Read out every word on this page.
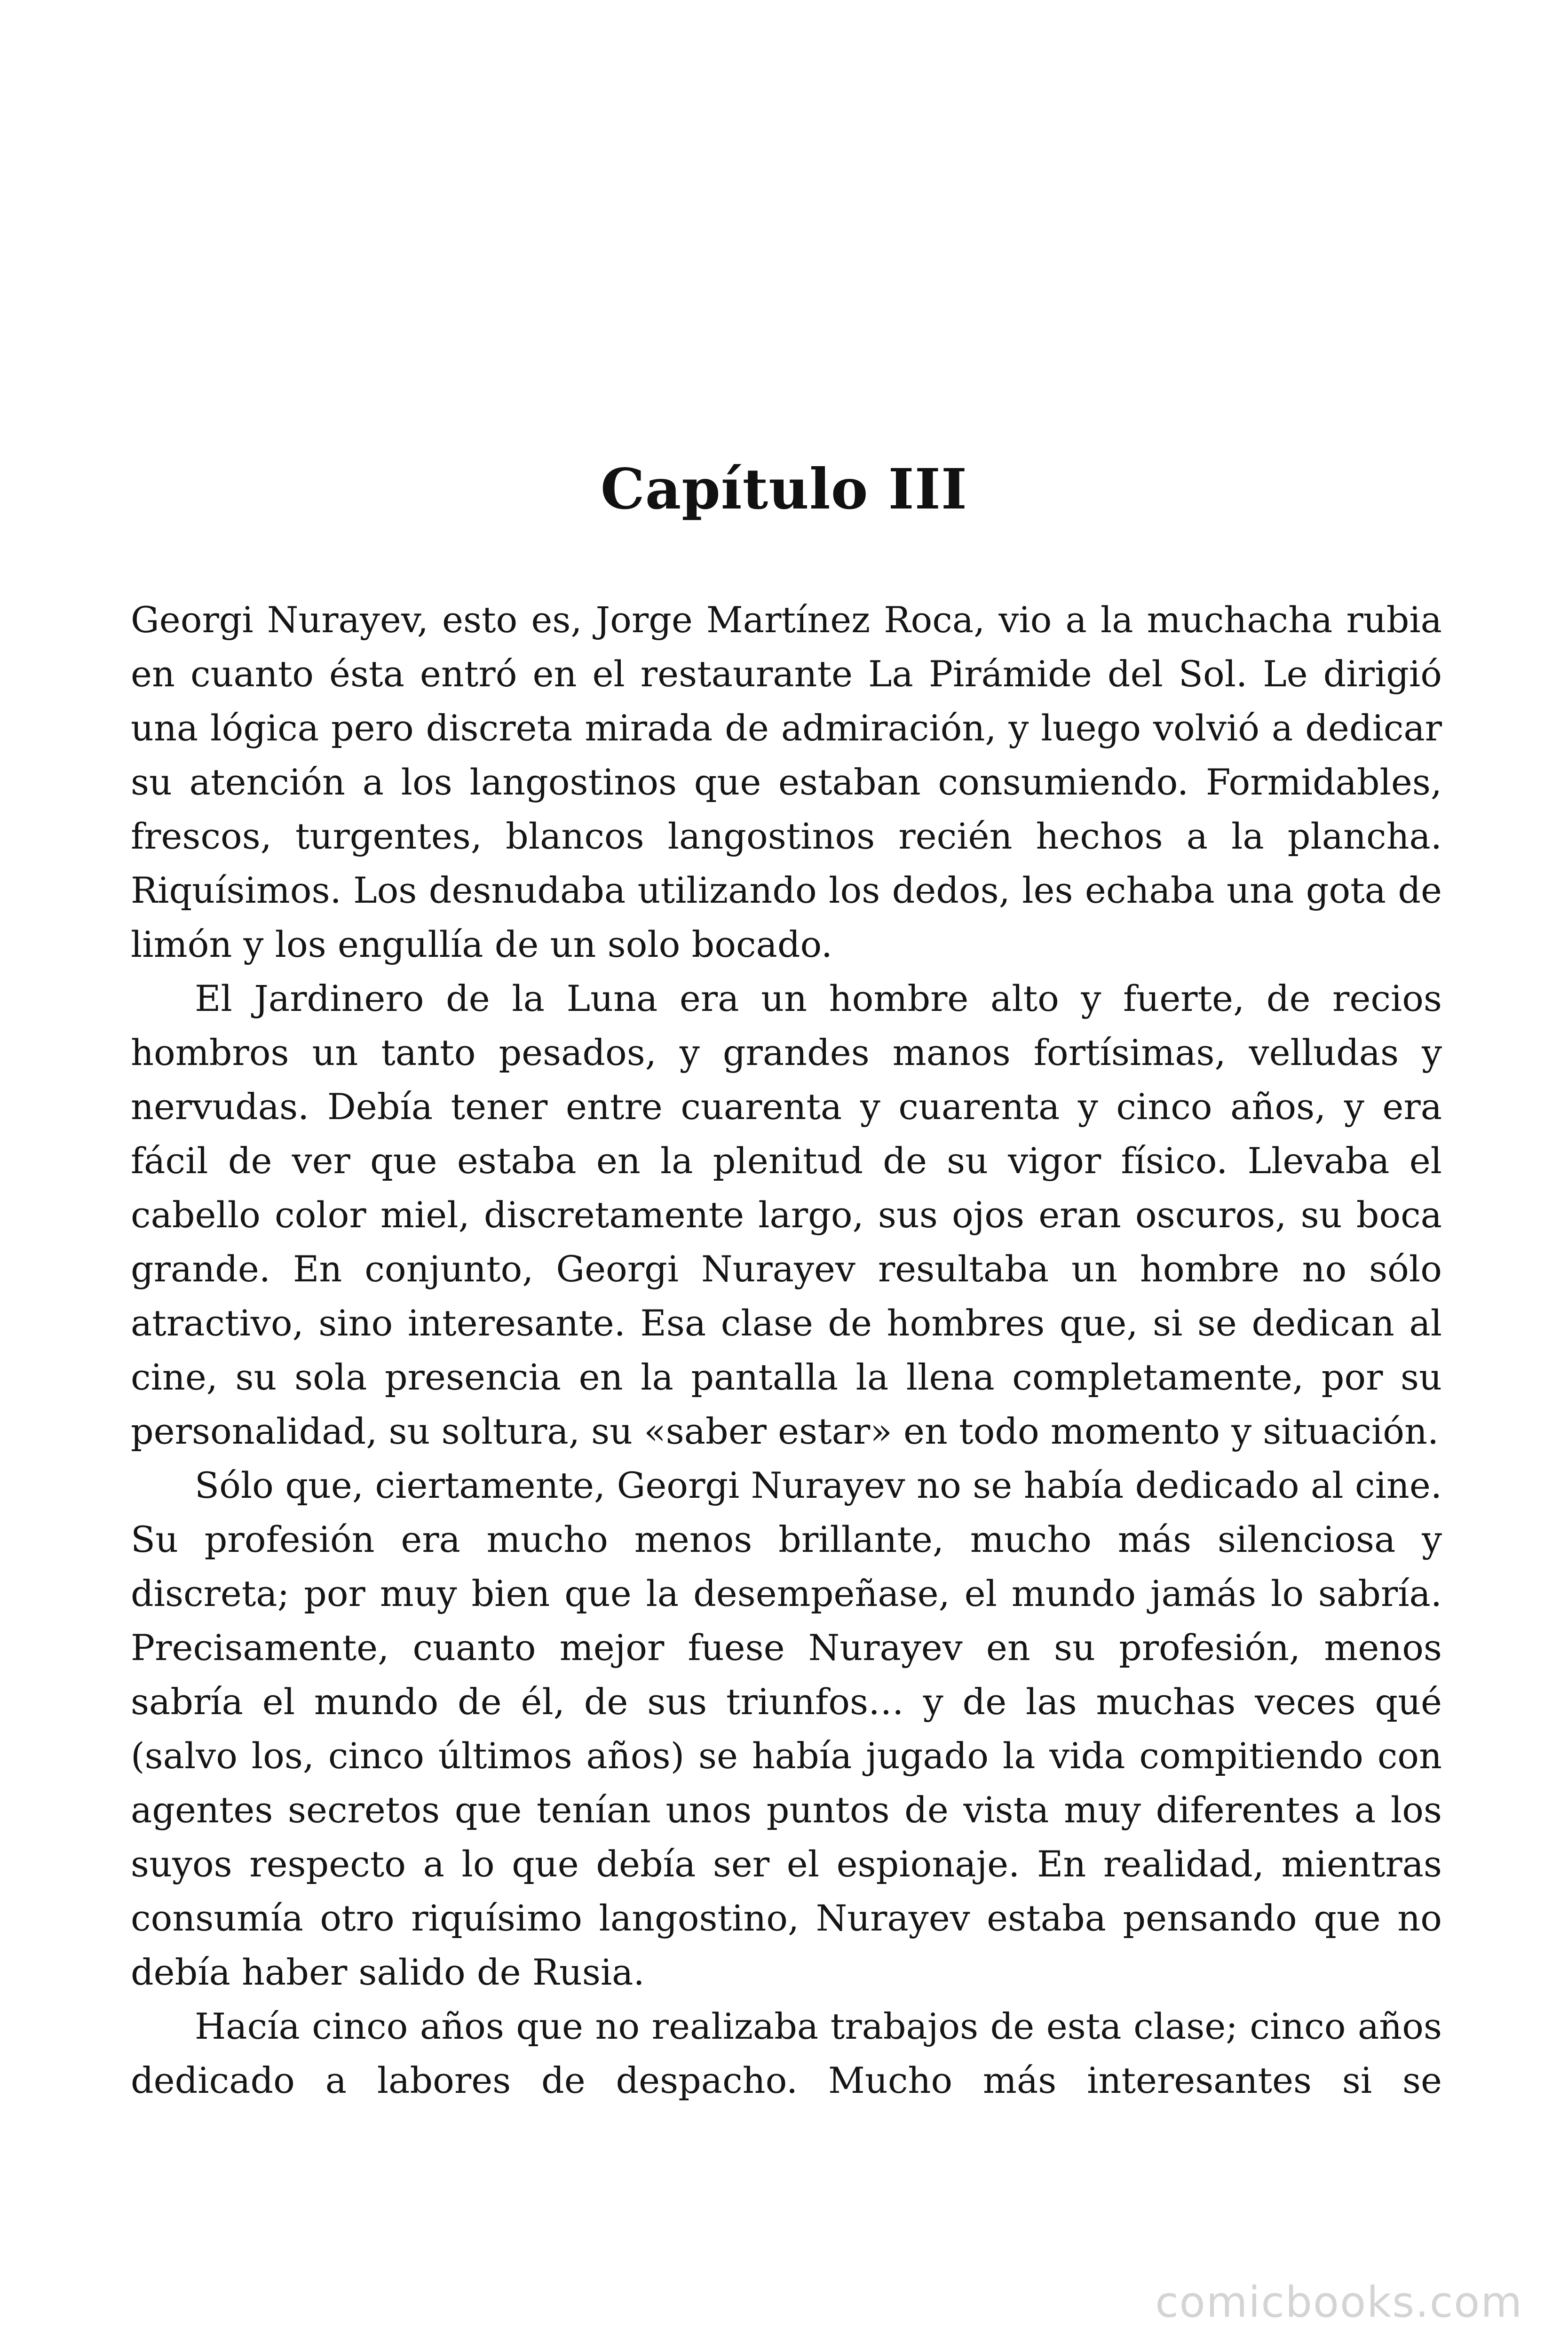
Capítulo III

Georgi Nurayev, esto es, Jorge Martínez Roca, vio a la muchacha rubia en cuanto ésta entró en el restaurante La Pirámide del Sol. Le dirigió una lógica pero discreta mirada de admiración, y luego volvió a dedicar su atención a los langostinos que estaban consumiendo. Formidables, frescos, turgentes, blancos langostinos recién hechos a la plancha. Riquísimos. Los desnudaba utilizando los dedos, les echaba una gota de limón y los engullía de un solo bocado.

El Jardinero de la Luna era un hombre alto y fuerte, de recios hombros un tanto pesados, y grandes manos fortísimas, velludas y nervudas. Debía tener entre cuarenta y cuarenta y cinco años, y era fácil de ver que estaba en la plenitud de su vigor físico. Llevaba el cabello color miel, discretamente largo, sus ojos eran oscuros, su boca grande. En conjunto, Georgi Nurayev resultaba un hombre no sólo atractivo, sino interesante. Esa clase de hombres que, si se dedican al cine, su sola presencia en la pantalla la llena completamente, por su personalidad, su soltura, su «saber estar» en todo momento y situación.

Sólo que, ciertamente, Georgi Nurayev no se había dedicado al cine. Su profesión era mucho menos brillante, mucho más silenciosa y discreta; por muy bien que la desempeñase, el mundo jamás lo sabría. Precisamente, cuanto mejor fuese Nurayev en su profesión, menos sabría el mundo de él, de sus triunfos… y de las muchas veces qué (salvo los, cinco últimos años) se había jugado la vida compitiendo con agentes secretos que tenían unos puntos de vista muy diferentes a los suyos respecto a lo que debía ser el espionaje. En realidad, mientras consumía otro riquísimo langostino, Nurayev estaba pensando que no debía haber salido de Rusia.

Hacía cinco años que no realizaba trabajos de esta clase; cinco años dedicado a labores de despacho. Mucho más interesantes si se

comicbooks.com
